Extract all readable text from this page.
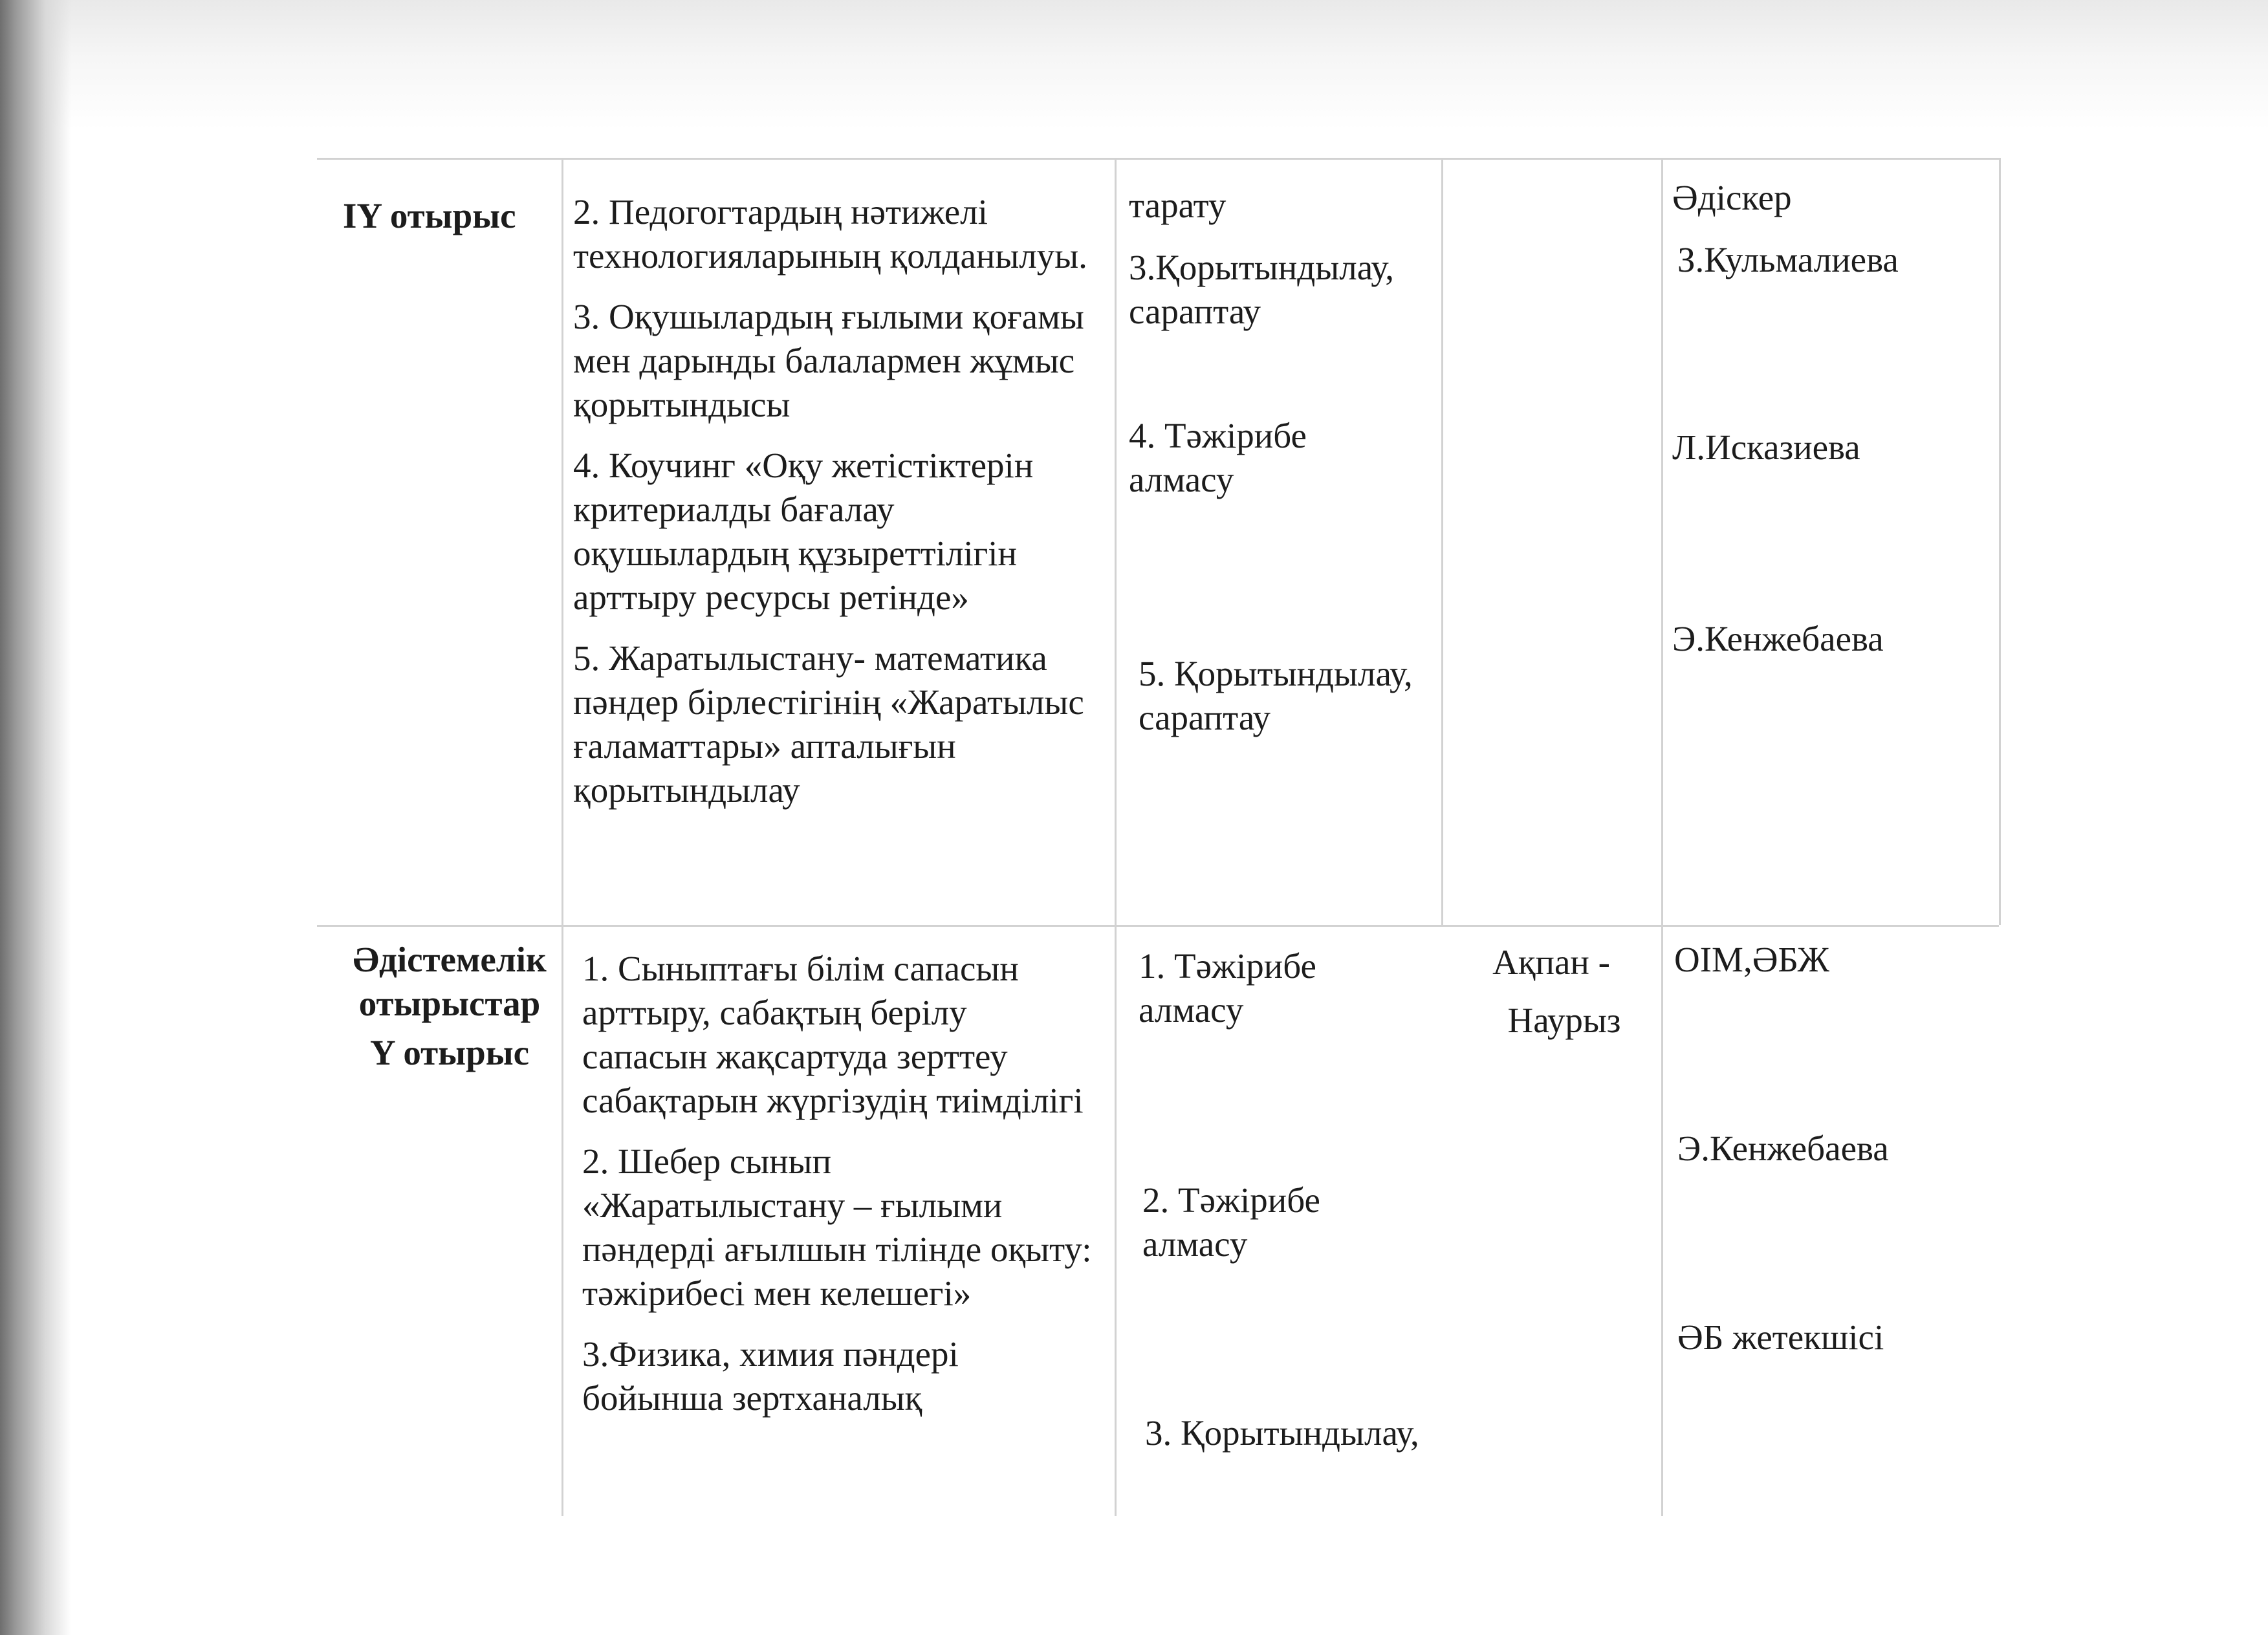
IY отырыс	2. Педогогтардың нәтижелі технологияларының қолданылуы.
3. Оқушылардың ғылыми қоғамы мен дарынды балалармен жұмыс қорытындысы
4. Коучинг «Оқу жетістіктерін критериалды бағалау оқушылардың құзыреттілігін арттыру ресурсы ретінде»
5. Жаратылыстану- математика пәндер бірлестігінің «Жаратылыс ғаламаттары» апталығын қорытындылау
тарату
3.Қорытындылау, сараптау
4. Тәжірибе алмасу
5. Қорытындылау, сараптау
Әдіскер
З.Кульмалиева
Л.Исказиева
Э.Кенжебаева
Әдістемелік отырыстар
Y отырыс
1. Сыныптағы білім сапасын арттыру, сабақтың берілу сапасын жақсартуда зерттеу сабақтарын жүргізудің тиімділігі
2. Шебер сынып «Жаратылыстану – ғылыми пәндерді ағылшын тілінде оқыту: тәжірибесі мен келешегі»
3.Физика, химия пәндері бойынша зертханалық
1. Тәжірибе алмасу
2. Тәжірибе алмасу
3. Қорытындылау,
Ақпан -
Наурыз
ОІМ,ӘБЖ
Э.Кенжебаева
ӘБ жетекшісі
